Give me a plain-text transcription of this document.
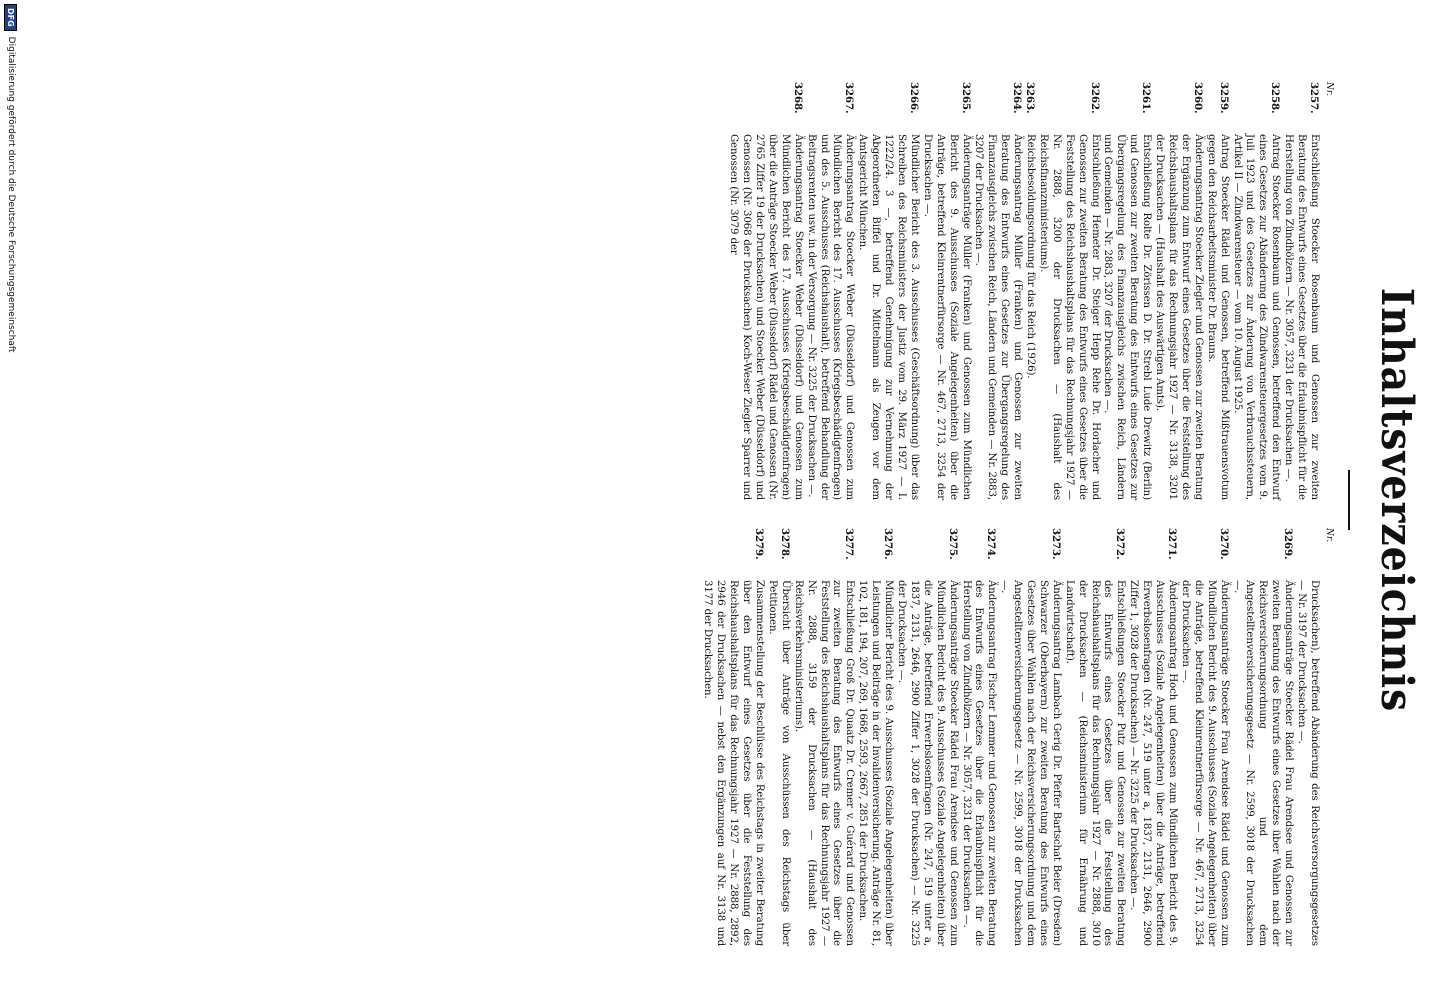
Inhaltsverzeichnis
Nr.
Nr.
3257.
Entschließung Stoecker Rosenbaum und Genossen zur zweiten Beratung des Entwurfs eines Gesetzes über die Erlaubnispflicht für die Herstellung von Zündhölzern — Nr. 3057, 3231 der Drucksachen —.
3258.
Antrag Stoecker Rosenbaum und Genossen, betreffend den Entwurf eines Gesetzes zur Abänderung des Zündwarensteuergesetzes vom 9. Juli 1923 und des Gesetzes zur Änderung von Verbrauchssteuern, Artikel II — Zündwarensteuer — vom 10. August 1925.
3259.
Antrag Stoecker Rädel und Genossen, betreffend Mißtrauensvotum gegen den Reichsarbeitsminister Dr. Brauns.
3260.
Änderungsantrag Stoecker Ziegler und Genossen zur zweiten Beratung der Ergänzung zum Entwurf eines Gesetzes über die Feststellung des Reichshaushaltsplans für das Rechnungsjahr 1927 — Nr. 3138, 3201 der Drucksachen — (Haushalt des Auswärtigen Amts).
3261.
Entschließung Rolte Dr. Zörissen D. Dr. Strebl Lude Drewitz (Berlin) und Genossen zur zweiten Beratung des Entwurfs eines Gesetzes zur Übergangsregelung des Finanzausgleichs zwischen Reich, Ländern und Gemeinden — Nr. 2883, 3207 der Drucksachen —.
3262.
Entschließung Hemeter Dr. Steiger Hepp Rehe Dr. Horlacher und Genossen zur zweiten Beratung des Entwurfs eines Gesetzes über die Feststellung des Reichshaushaltsplans für das Rechnungsjahr 1927 — Nr. 2888, 3200 der Drucksachen — (Haushalt des Reichsfinanzministeriums).
3263.
Reichsbesoldungsordnung für das Reich (1926).
3264.
Änderungsantrag Müller (Franken) und Genossen zur zweiten Beratung des Entwurfs eines Gesetzes zur Übergangsregelung des Finanzausgleichs zwischen Reich, Ländern und Gemeinden — Nr. 2883, 3207 der Drucksachen —.
3265.
Änderungsanträge Müller (Franken) und Genossen zum Mündlichen Bericht des 9. Ausschusses (Soziale Angelegenheiten) über die Anträge, betreffend Kleinrentnerfürsorge — Nr. 467, 2713, 3254 der Drucksachen —.
3266.
Mündlicher Bericht des 3. Ausschusses (Geschäftsordnung) über das Schreiben des Reichsministers der Justiz vom 29. März 1927 — I. 1222/24. 3 —, betreffend Genehmigung zur Vernehmung der Abgeordneten Biffel und Dr. Mittelmann als Zeugen vor dem Amtsgericht München.
3267.
Änderungsantrag Stoecker Weber (Düsseldorf) und Genossen zum Mündlichen Bericht des 17. Ausschusses (Kriegsbeschädigtenfragen) und des 5. Ausschusses (Reichshaushalt), betreffend Behandlung der Beitragsrenten usw. in der Versorgung — Nr. 3225 der Drucksachen —.
3268.
Änderungsantrag Stoecker Weber (Düsseldorf) und Genossen zum Mündlichen Bericht des 17. Ausschusses (Kriegsbeschädigtenfragen) über die Anträge Stoecker Weber (Düsseldorf) Rädel und Genossen (Nr. 2765 Ziffer 19 der Drucksachen) und Stoecker Weber (Düsseldorf) und Genossen (Nr. 3068 der Drucksachen) Koch-Weser Ziegler Sparrer und Genossen (Nr. 3079 der
Drucksachen), betreffend Abänderung des Reichsversorgungsgesetzes — Nr. 3197 der Drucksachen —.
3269.
Änderungsanträge Stoecker Rädel Frau Arendsee und Genossen zur zweiten Beratung des Entwurfs eines Gesetzes über Wahlen nach der Reichsversicherungsordnung und dem Angestelltenversicherungsgesetz — Nr. 2599, 3018 der Drucksachen —.
3270.
Änderungsanträge Stoecker Frau Arendsee Rädel und Genossen zum Mündlichen Bericht des 9. Ausschusses (Soziale Angelegenheiten) über die Anträge, betreffend Kleinrentnerfürsorge — Nr. 467, 2713, 3254 der Drucksachen —.
3271.
Änderungsantrag Hoch und Genossen zum Mündlichen Bericht des 9. Ausschusses (Soziale Angelegenheiten) über die Anträge, betreffend Erwerbslosenfragen (Nr. 247, 519 unter a, 1837, 2131, 2646, 2900 Ziffer 1, 3028 der Drucksachen) — Nr. 3225 der Drucksachen —.
3272.
Entschließungen Stoecker Putz und Genossen zur zweiten Beratung des Entwurfs eines Gesetzes über die Feststellung des Reichshaushaltsplans für das Rechnungsjahr 1927 — Nr. 2888, 3010 der Drucksachen — (Reichsministerium für Ernährung und Landwirtschaft).
3273.
Änderungsantrag Lambach Gerig Dr. Pfeffer Bartschat Beier (Dresden) Schwarzer (Oberbayern) zur zweiten Beratung des Entwurfs eines Gesetzes über Wahlen nach der Reichsversicherungsordnung und dem Angestelltenversicherungsgesetz — Nr. 2599, 3018 der Drucksachen —.
3274.
Änderungsantrag Fischer Lemmer und Genossen zur zweiten Beratung des Entwurfs eines Gesetzes über die Erlaubnispflicht für die Herstellung von Zündhölzern — Nr. 3057, 3231 der Drucksachen —.
3275.
Änderungsanträge Stoecker Rädel Frau Arendsee und Genossen zum Mündlichen Bericht des 9. Ausschusses (Soziale Angelegenheiten) über die Anträge, betreffend Erwerbslosenfragen (Nr. 247, 519 unter a, 1837, 2131, 2646, 2900 Ziffer 1, 3028 der Drucksachen) — Nr. 3225 der Drucksachen —.
3276.
Mündlicher Bericht des 9. Ausschusses (Soziale Angelegenheiten) über Leistungen und Beiträge in der Invalidenversicherung. Anträge Nr. 81, 102, 181, 194, 207, 269, 1668, 2593, 2667, 2851 der Drucksachen.
3277.
Entschließung Groß Dr. Quaatz Dr. Cremer v. Guérard und Genossen zur zweiten Beratung des Entwurfs eines Gesetzes über die Feststellung des Reichshaushaltsplans für das Rechnungsjahr 1927 — Nr. 2888, 3159 der Drucksachen — (Haushalt des Reichsverkehrsministeriums).
3278.
Übersicht über Anträge von Ausschüssen des Reichstags über Petitionen.
3279.
Zusammenstellung der Beschlüsse des Reichstags in zweiter Beratung über den Entwurf eines Gesetzes über die Feststellung des Reichshaushaltsplans für das Rechnungsjahr 1927 — Nr. 2888, 2892, 2946 der Drucksachen — nebst den Ergänzungen auf Nr. 3138 und 3177 der Drucksachen.
DFG
Digitalisierung gefördert durch die Deutsche Forschungsgemeinschaft
